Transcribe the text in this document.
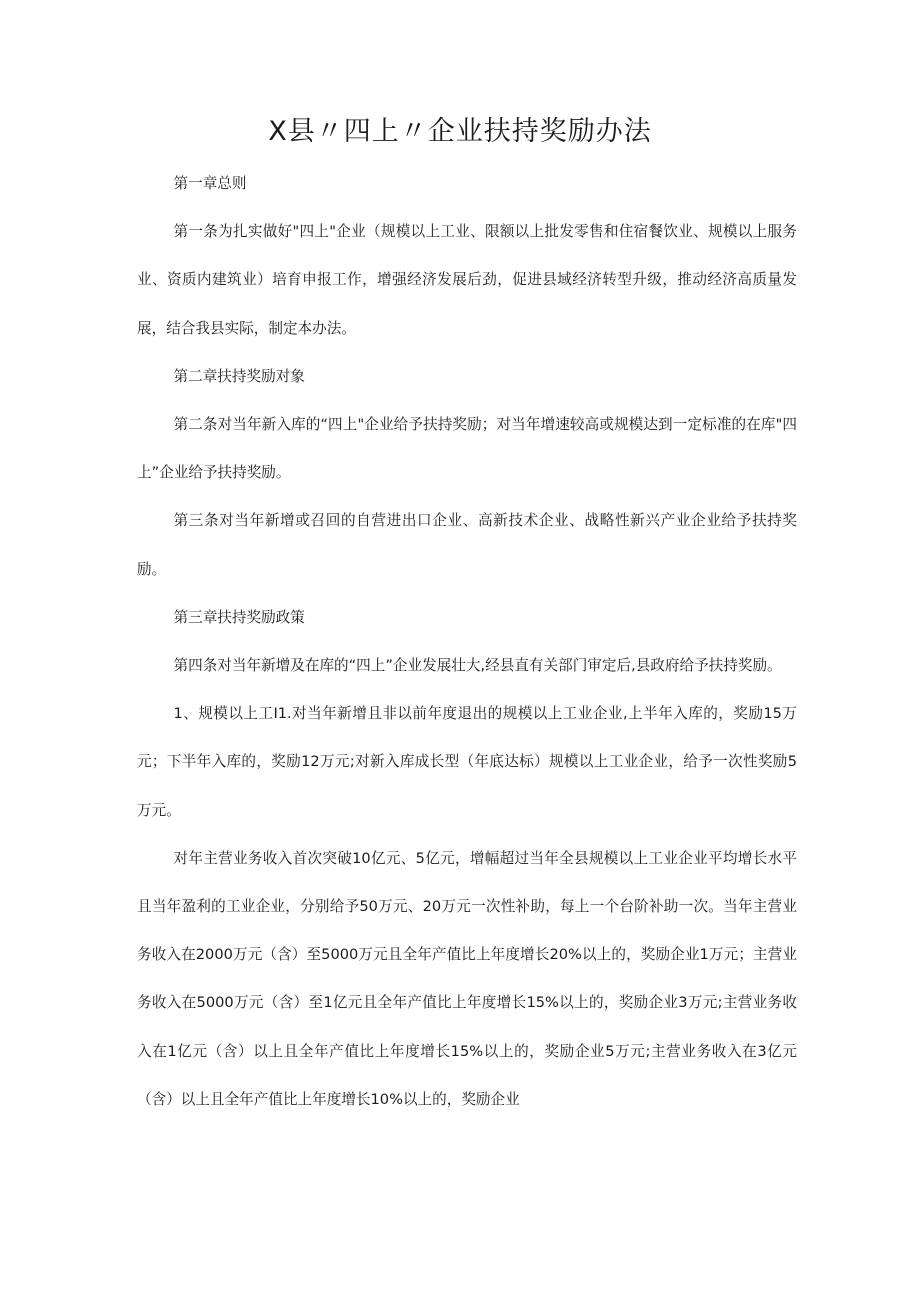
X县〃四上〃企业扶持奖励办法

第一章总则

第一条为扎实做好"四上"企业（规模以上工业、限额以上批发零售和住宿餐饮业、规模以上服务业、资质内建筑业）培育申报工作，增强经济发展后劲，促进县域经济转型升级，推动经济高质量发展，结合我县实际，制定本办法。

第二章扶持奖励对象

第二条对当年新入库的“四上"企业给予扶持奖励；对当年增速较高或规模达到一定标准的在库"四上”企业给予扶持奖励。

第三条对当年新增或召回的自营进出口企业、高新技术企业、战略性新兴产业企业给予扶持奖励。

第三章扶持奖励政策

第四条对当年新增及在库的“四上”企业发展壮大,经县直有关部门审定后,县政府给予扶持奖励。

1、规模以上工I1.对当年新增且非以前年度退出的规模以上工业企业,上半年入库的，奖励15万元；下半年入库的，奖励12万元;对新入库成长型（年底达标）规模以上工业企业，给予一次性奖励5万元。

对年主营业务收入首次突破10亿元、5亿元，增幅超过当年全县规模以上工业企业平均增长水平且当年盈利的工业企业，分别给予50万元、20万元一次性补助，每上一个台阶补助一次。当年主营业务收入在2000万元（含）至5000万元且全年产值比上年度增长20%以上的，奖励企业1万元；主营业务收入在5000万元（含）至1亿元且全年产值比上年度增长15%以上的，奖励企业3万元;主营业务收入在1亿元（含）以上且全年产值比上年度增长15%以上的，奖励企业5万元;主营业务收入在3亿元（含）以上且全年产值比上年度增长10%以上的，奖励企业
